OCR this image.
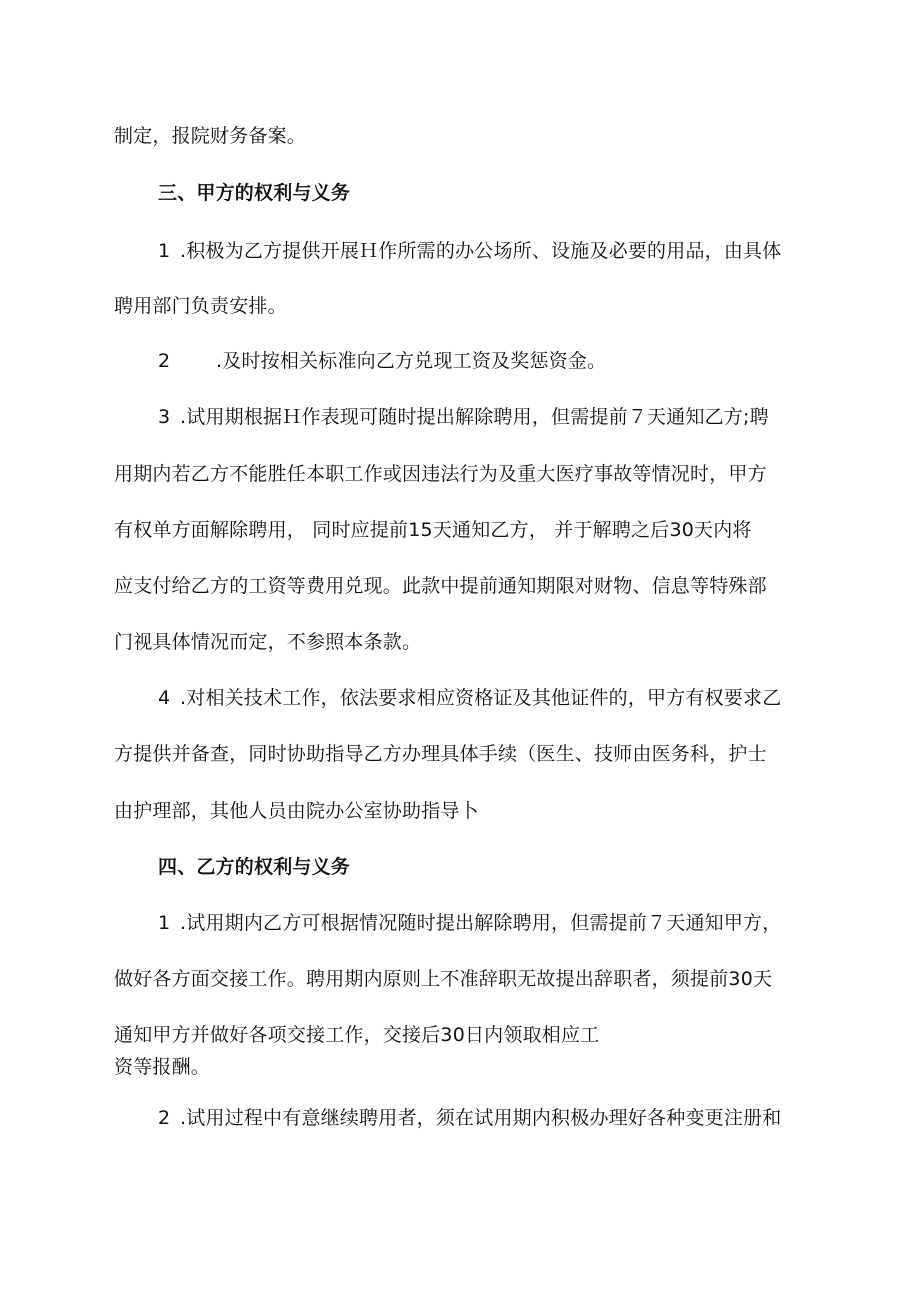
制定，报院财务备案。
三、甲方的权利与义务
1 .积极为乙方提供开展Ｈ作所需的办公场所、设施及必要的用品，由具体
聘用部门负责安排。
2 .及时按相关标准向乙方兑现工资及奖惩资金。
3 .试用期根据Ｈ作表现可随时提出解除聘用，但需提前７天通知乙方;聘
用期内若乙方不能胜任本职工作或因违法行为及重大医疗事故等情况时，甲方
有权单方面解除聘用， 同时应提前15天通知乙方， 并于解聘之后30天内将
应支付给乙方的工资等费用兑现。此款中提前通知期限对财物、信息等特殊部
门视具体情况而定，不参照本条款。
4 .对相关技术工作，依法要求相应资格证及其他证件的，甲方有权要求乙
方提供并备查，同时协助指导乙方办理具体手续（医生、技师由医务科，护士
由护理部，其他人员由院办公室协助指导卜
四、乙方的权利与义务
1 .试用期内乙方可根据情况随时提出解除聘用，但需提前７天通知甲方，
做好各方面交接工作。聘用期内原则上不准辞职无故提出辞职者，须提前30天
通知甲方并做好各项交接工作，交接后30日内领取相应工
资等报酬。
2 .试用过程中有意继续聘用者，须在试用期内积极办理好各种变更注册和
